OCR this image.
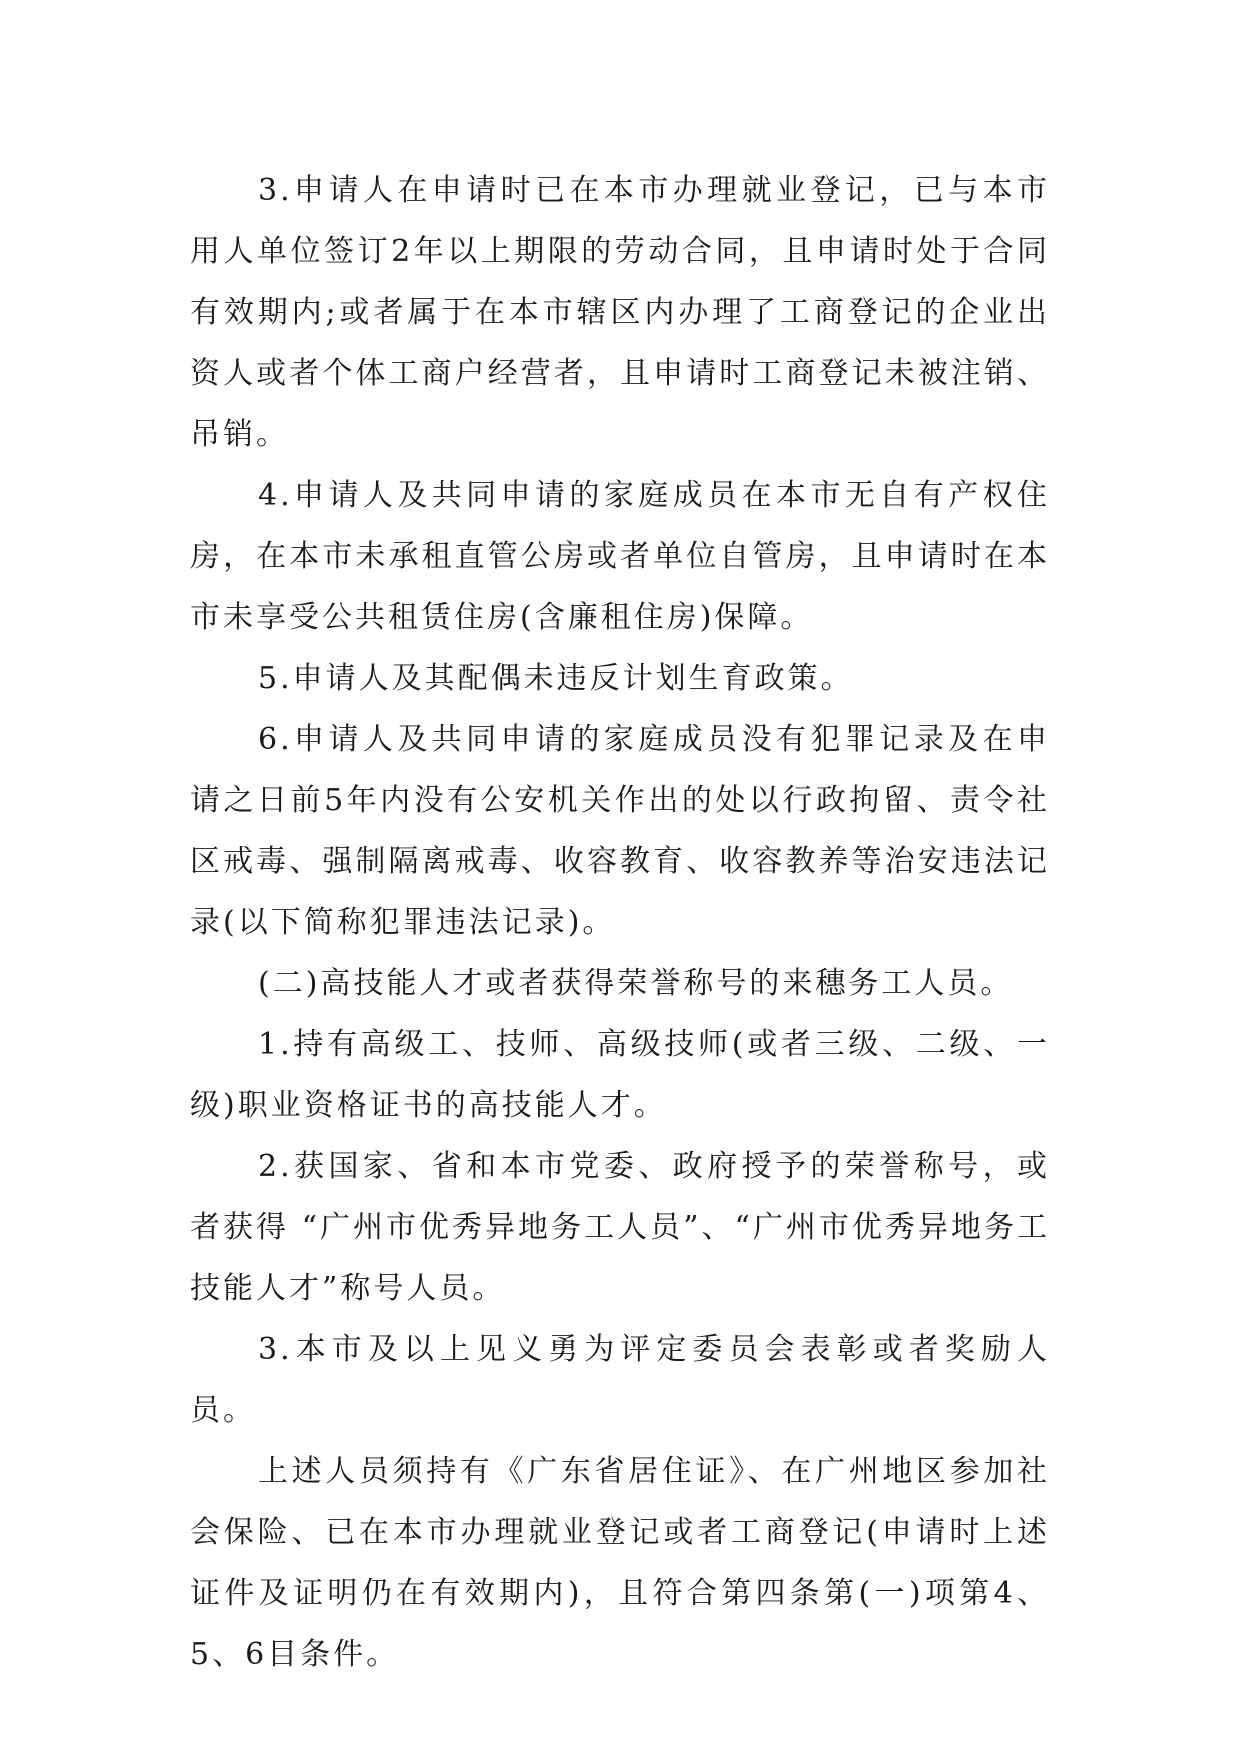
3.申请人在申请时已在本市办理就业登记，已与本市用人单位签订2年以上期限的劳动合同，且申请时处于合同有效期内;或者属于在本市辖区内办理了工商登记的企业出资人或者个体工商户经营者，且申请时工商登记未被注销、吊销。

4.申请人及共同申请的家庭成员在本市无自有产权住房，在本市未承租直管公房或者单位自管房，且申请时在本市未享受公共租赁住房(含廉租住房)保障。

5.申请人及其配偶未违反计划生育政策。

6.申请人及共同申请的家庭成员没有犯罪记录及在申请之日前5年内没有公安机关作出的处以行政拘留、责令社区戒毒、强制隔离戒毒、收容教育、收容教养等治安违法记录(以下简称犯罪违法记录)。

(二)高技能人才或者获得荣誉称号的来穗务工人员。

1.持有高级工、技师、高级技师(或者三级、二级、一级)职业资格证书的高技能人才。

2.获国家、省和本市党委、政府授予的荣誉称号，或者获得 “广州市优秀异地务工人员”、“广州市优秀异地务工技能人才”称号人员。

3.本市及以上见义勇为评定委员会表彰或者奖励人员。

上述人员须持有《广东省居住证》、在广州地区参加社会保险、已在本市办理就业登记或者工商登记(申请时上述证件及证明仍在有效期内)，且符合第四条第(一)项第4、5、6目条件。
